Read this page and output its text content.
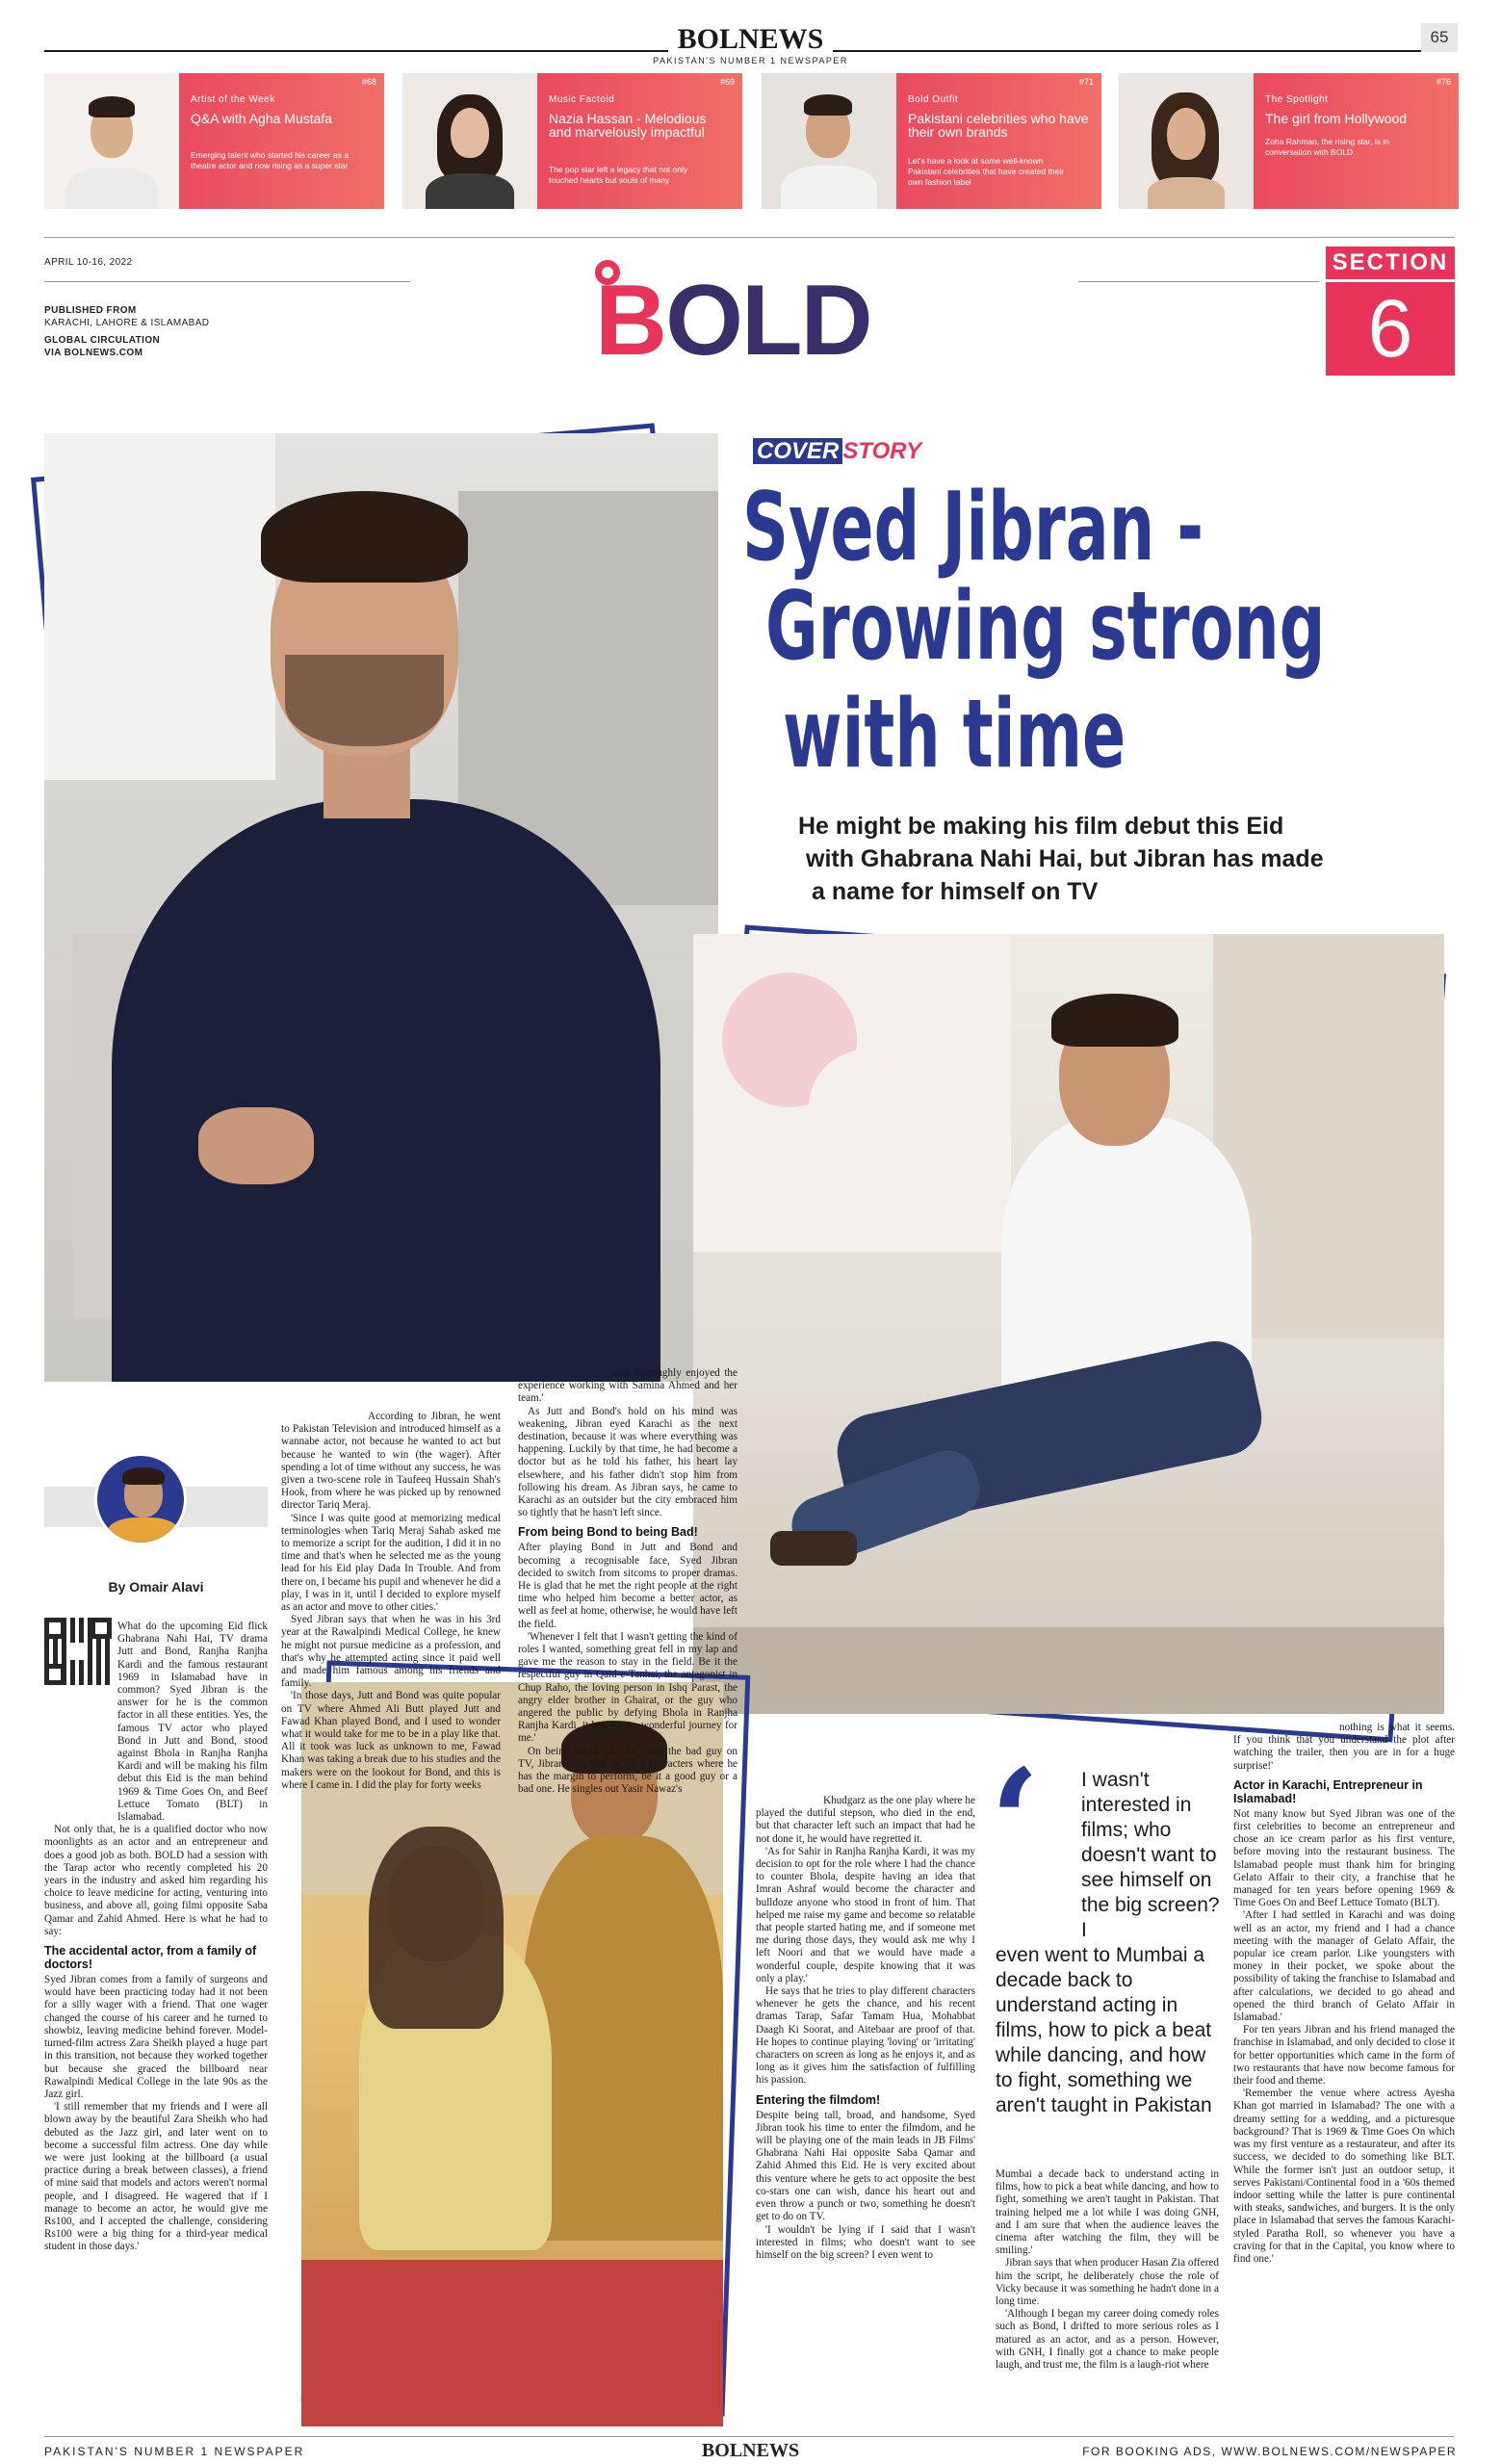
BOLNEWS
PAKISTAN'S NUMBER 1 NEWSPAPER
65
#68
Artist of the Week
Q&A with Agha Mustafa
Emerging talent who started his career as a theatre actor and now rising as a super star
#69
Music Factoid
Nazia Hassan - Melodious and marvelously impactful
The pop star left a legacy that not only touched hearts but souls of many
#71
Bold Outfit
Pakistani celebrities who have their own brands
Let's have a look at some well-known Pakistani celebrities that have created their own fashion label
#76
The Spotlight
The girl from Hollywood
Zoha Rahman, the rising star, is in conversation with BOLD
APRIL 10-16, 2022
PUBLISHED FROM
KARACHI, LAHORE & ISLAMABAD
GLOBAL CIRCULATION
VIA BOLNEWS.COM	BOLD
SECTION
6
COVER STORY
Syed Jibran -
Growing strong
with time
He might be making his film debut this Eid
with Ghabrana Nahi Hai, but Jibran has made
a name for himself on TV
By Omair Alavi

What do the upcoming Eid flick Ghabrana Nahi Hai, TV drama Jutt and Bond, Ranjha Ranjha Kardi and the famous restaurant 1969 in Islamabad have in common? Syed Jibran is the answer for he is the common factor in all these entities. Yes, the famous TV actor who played Bond in Jutt and Bond, stood against Bhola in Ranjha Ranjha Kardi and will be making his film debut this Eid is the man behind 1969 & Time Goes On, and Beef Lettuce Tomato (BLT) in Islamabad.

Not only that, he is a qualified doctor who now moonlights as an actor and an entrepreneur and does a good job as both. BOLD had a session with the Tarap actor who recently completed his 20 years in the industry and asked him regarding his choice to leave medicine for acting, venturing into business, and above all, going filmi opposite Saba Qamar and Zahid Ahmed. Here is what he had to say:

The accidental actor, from a family of doctors!

Syed Jibran comes from a family of surgeons and would have been practicing today had it not been for a silly wager with a friend. That one wager changed the course of his career and he turned to showbiz, leaving medicine behind forever. Model-turned-film actress Zara Sheikh played a huge part in this transition, not because they worked together but because she graced the billboard near Rawalpindi Medical College in the late 90s as the Jazz girl.

'I still remember that my friends and I were all blown away by the beautiful Zara Sheikh who had debuted as the Jazz girl, and later went on to become a successful film actress. One day while we were just looking at the billboard (a usual practice during a break between classes), a friend of mine said that models and actors weren't normal people, and I disagreed. He wagered that if I manage to become an actor, he would give me Rs100, and I accepted the challenge, considering Rs100 were a big thing for a third-year medical student in those days.'

According to Jibran, he went to Pakistan Television and introduced himself as a wannabe actor, not because he wanted to act but because he wanted to win (the wager). After spending a lot of time without any success, he was given a two-scene role in Taufeeq Hussain Shah's Hook, from where he was picked up by renowned director Tariq Meraj.

'Since I was quite good at memorizing medical terminologies when Tariq Meraj Sahab asked me to memorize a script for the audition, I did it in no time and that's when he selected me as the young lead for his Eid play Dada In Trouble. And from there on, I became his pupil and whenever he did a play, I was in it, until I decided to explore myself as an actor and move to other cities.'

Syed Jibran says that when he was in his 3rd year at the Rawalpindi Medical College, he knew he might not pursue medicine as a profession, and that's why he attempted acting since it paid well and made him famous among his friends and family.

'In those days, Jutt and Bond was quite popular on TV where Ahmed Ali Butt played Jutt and Fawad Khan played Bond, and I used to wonder what it would take for me to be in a play like that. All it took was luck as unknown to me, Fawad Khan was taking a break due to his studies and the makers were on the lookout for Bond, and this is where I came in. I did the play for forty weeks

and thoroughly enjoyed the experience working with Samina Ahmed and her team.'

As Jutt and Bond's hold on his mind was weakening, Jibran eyed Karachi as the next destination, because it was where everything was happening. Luckily by that time, he had become a doctor but as he told his father, his heart lay elsewhere, and his father didn't stop him from following his dream. As Jibran says, he came to Karachi as an outsider but the city embraced him so tightly that he hasn't left since.

From being Bond to being Bad!

After playing Bond in Jutt and Bond and becoming a recognisable face, Syed Jibran decided to switch from sitcoms to proper dramas. He is glad that he met the right people at the right time who helped him become a better actor, as well as feel at home, otherwise, he would have left the field.

'Whenever I felt that I wasn't getting the kind of roles I wanted, something great fell in my lap and gave me the reason to stay in the field. Be it the respectful guy in Qaid-e-Tanhai, the antagonist in Chup Raho, the loving person in Ishq Parast, the angry elder brother in Ghairat, or the guy who angered the public by defying Bhola in Ranjha Ranjha Kardi, it has been a wonderful journey for me.'

On being asked why he plays the bad guy on TV, Jibran says that he likes characters where he has the margin to perform, be it a good guy or a bad one. He singles out Yasir Nawaz's

Khudgarz as the one play where he played the dutiful stepson, who died in the end, but that character left such an impact that had he not done it, he would have regretted it.

'As for Sahir in Ranjha Ranjha Kardi, it was my decision to opt for the role where I had the chance to counter Bhola, despite having an idea that Imran Ashraf would become the character and bulldoze anyone who stood in front of him. That helped me raise my game and become so relatable that people started hating me, and if someone met me during those days, they would ask me why I left Noori and that we would have made a wonderful couple, despite knowing that it was only a play.'

He says that he tries to play different characters whenever he gets the chance, and his recent dramas Tarap, Safar Tamam Hua, Mohabbat Daagh Ki Soorat, and Aitebaar are proof of that. He hopes to continue playing 'loving' or 'irritating' characters on screen as long as he enjoys it, and as long as it gives him the satisfaction of fulfilling his passion.

Entering the filmdom!

Despite being tall, broad, and handsome, Syed Jibran took his time to enter the filmdom, and he will be playing one of the main leads in JB Films' Ghabrana Nahi Hai opposite Saba Qamar and Zahid Ahmed this Eid. He is very excited about this venture where he gets to act opposite the best co-stars one can wish, dance his heart out and even throw a punch or two, something he doesn't get to do on TV.

'I wouldn't be lying if I said that I wasn't interested in films; who doesn't want to see himself on the big screen? I even went to

‘ I wasn't interested in films; who doesn't want to see himself on the big screen? I
even went to Mumbai a decade back to understand acting in films, how to pick a beat while dancing, and how to fight, something we aren't taught in Pakistan

Mumbai a decade back to understand acting in films, how to pick a beat while dancing, and how to fight, something we aren't taught in Pakistan. That training helped me a lot while I was doing GNH, and I am sure that when the audience leaves the cinema after watching the film, they will be smiling.'

Jibran says that when producer Hasan Zia offered him the script, he deliberately chose the role of Vicky because it was something he hadn't done in a long time.

'Although I began my career doing comedy roles such as Bond, I drifted to more serious roles as I matured as an actor, and as a person. However, with GNH, I finally got a chance to make people laugh, and trust me, the film is a laugh-riot where

nothing is what it seems. If you think that you understand the plot after watching the trailer, then you are in for a huge surprise!'

Actor in Karachi, Entrepreneur in Islamabad!

Not many know but Syed Jibran was one of the first celebrities to become an entrepreneur and chose an ice cream parlor as his first venture, before moving into the restaurant business. The Islamabad people must thank him for bringing Gelato Affair to their city, a franchise that he managed for ten years before opening 1969 & Time Goes On and Beef Lettuce Tomato (BLT).

'After I had settled in Karachi and was doing well as an actor, my friend and I had a chance meeting with the manager of Gelato Affair, the popular ice cream parlor. Like youngsters with money in their pocket, we spoke about the possibility of taking the franchise to Islamabad and after calculations, we decided to go ahead and opened the third branch of Gelato Affair in Islamabad.'

For ten years Jibran and his friend managed the franchise in Islamabad, and only decided to close it for better opportunities which came in the form of two restaurants that have now become famous for their food and theme.

'Remember the venue where actress Ayesha Khan got married in Islamabad? The one with a dreamy setting for a wedding, and a picturesque background? That is 1969 & Time Goes On which was my first venture as a restaurateur, and after its success, we decided to do something like BLT. While the former isn't just an outdoor setup, it serves Pakistani/Continental food in a '60s themed indoor setting while the latter is pure continental with steaks, sandwiches, and burgers. It is the only place in Islamabad that serves the famous Karachi-styled Paratha Roll, so whenever you have a craving for that in the Capital, you know where to find one.'

PAKISTAN'S NUMBER 1 NEWSPAPER	BOLNEWS	FOR BOOKING ADS, WWW.BOLNEWS.COM/NEWSPAPER
